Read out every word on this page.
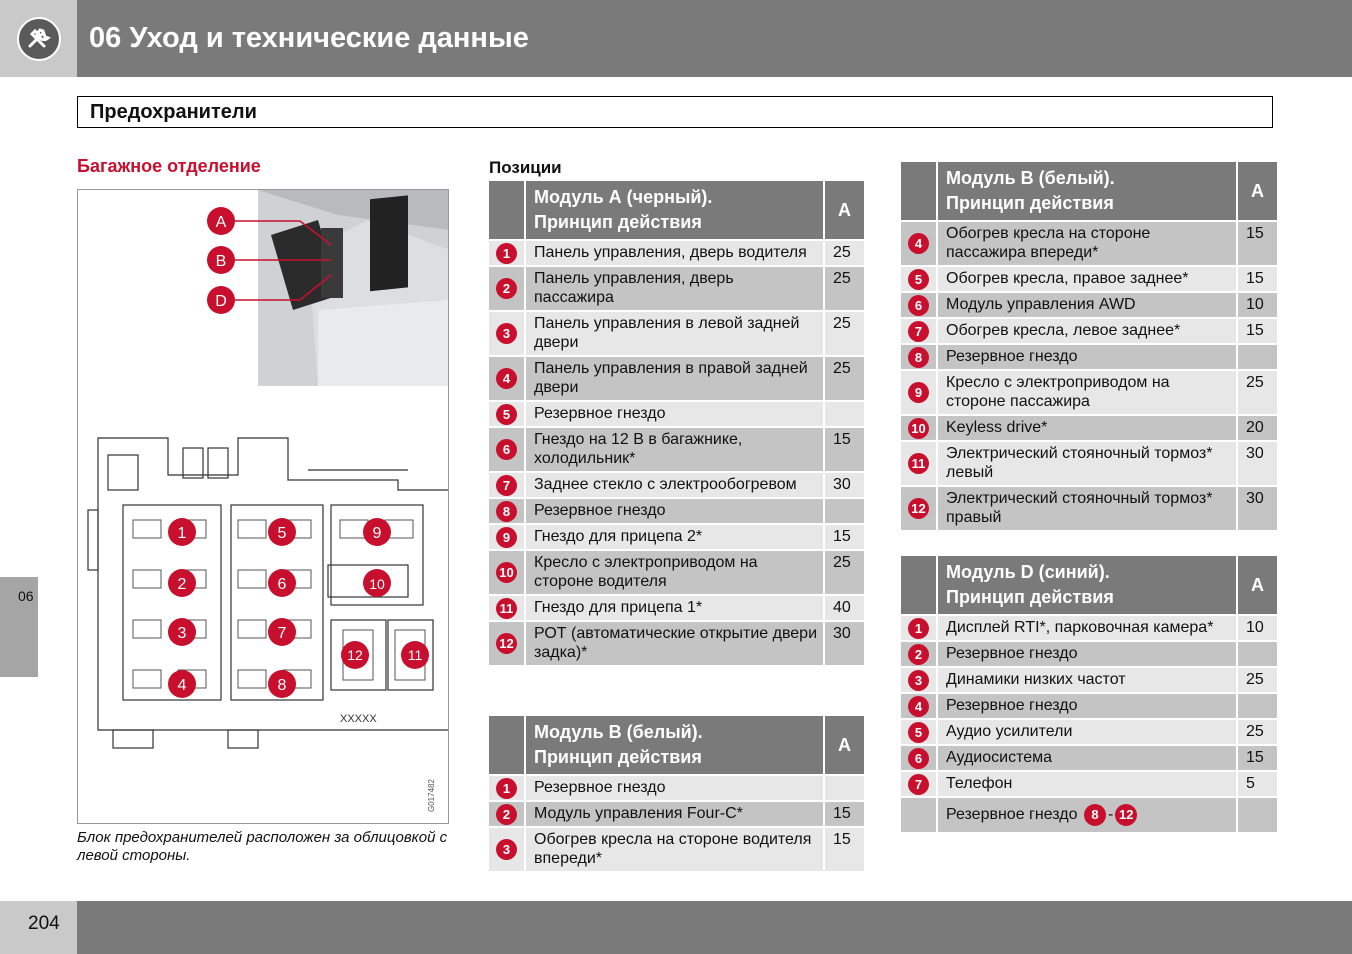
06 Уход и технические данные
Предохранители
Багажное отделение	Позиции
A
B
D
XXXXX
G017482
1
2
3
4
5
6
7
8
9
10
12	11
Блок предохранителей расположен за облицовкой с левой стороны.
	Модуль А (черный).
Принцип действия	А
1	Панель управления, дверь водителя	25
2	Панель управления, дверь пассажира	25
3	Панель управления в левой задней двери	25
4	Панель управления в правой задней двери	25
5	Резервное гнездо	
6	Гнездо на 12 В в багажнике, холодильник*	15
7	Заднее стекло с электрообогревом	30
8	Резервное гнездо	
9	Гнездо для прицепа 2*	15
10	Кресло с электроприводом на стороне водителя	25
11	Гнездо для прицепа 1*	40
12	РОТ (автоматические открытие двери задка)*	30
	Модуль В (белый).
Принцип действия	А
1	Резервное гнездо	
2	Модуль управления Four-C*	15
3	Обогрев кресла на стороне водителя впереди*	15
	Модуль В (белый).
Принцип действия	А
4	Обогрев кресла на стороне пассажира впереди*	15
5	Обогрев кресла, правое заднее*	15
6	Модуль управления AWD	10
7	Обогрев кресла, левое заднее*	15
8	Резервное гнездо	
9	Кресло с электроприводом на стороне пассажира	25
10	Keyless drive*	20
11	Электрический стояночный тормоз* левый	30
12	Электрический стояночный тормоз* правый	30
	Модуль D (синий).
Принцип действия	А
1	Дисплей RTI*, парковочная камера*	10
2	Резервное гнездо	
3	Динамики низких частот	25
4	Резервное гнездо	
5	Аудио усилители	25
6	Аудиосистема	15
7	Телефон	5
	Резервное гнездо 8 - 12	
06
204
